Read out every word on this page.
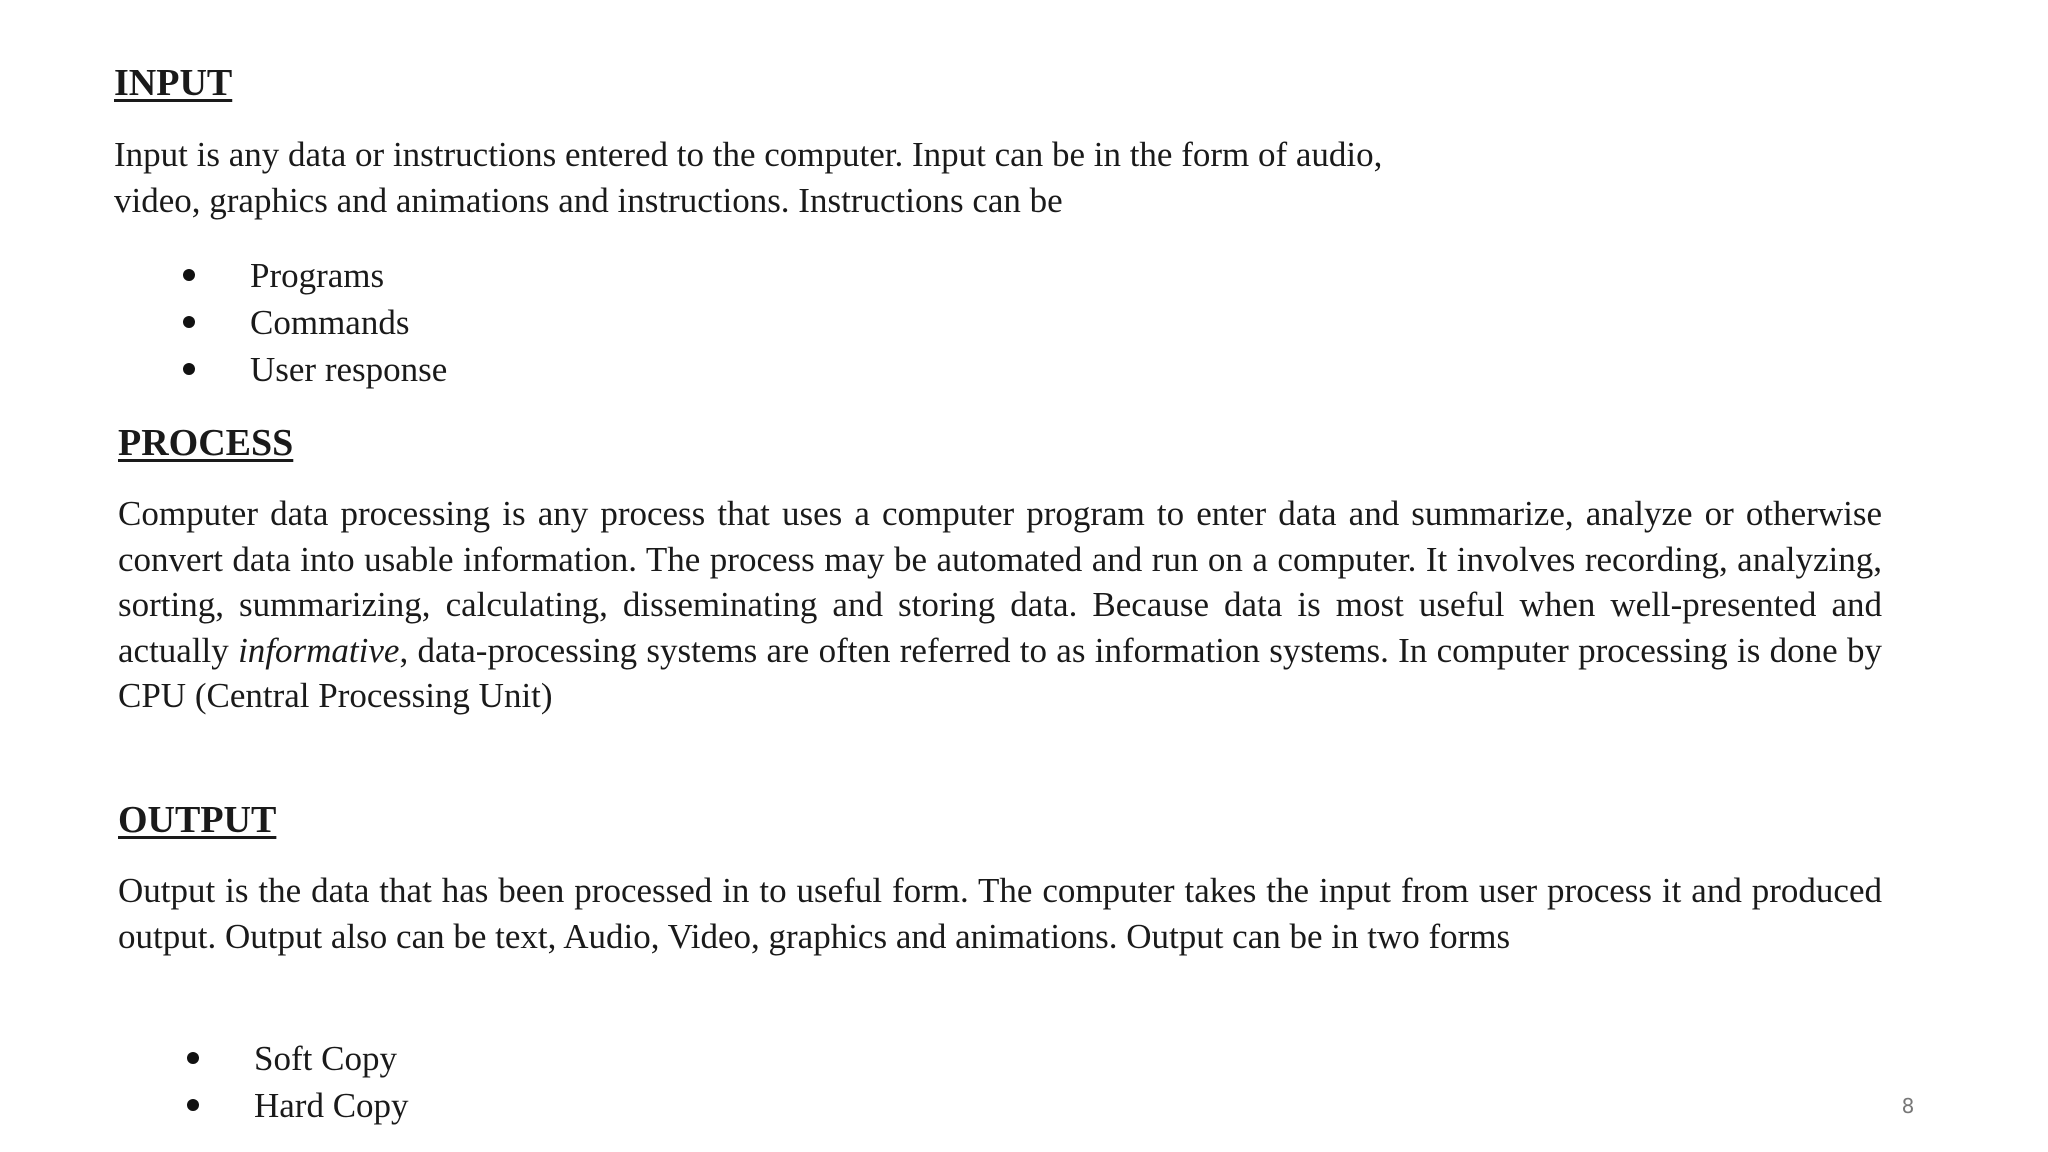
INPUT

Input is any data or instructions entered to the computer. Input can be in the form of audio,
video, graphics and animations and instructions. Instructions can be

Programs
Commands
User response
PROCESS

Computer data processing is any process that uses a computer program to enter data and summarize, analyze or otherwise convert data into usable information. The process may be automated and run on a computer. It involves recording, analyzing, sorting, summarizing, calculating, disseminating and storing data. Because data is most useful when well-presented and actually informative, data-processing systems are often referred to as information systems. In computer processing is done by CPU (Central Processing Unit)

OUTPUT

Output is the data that has been processed in to useful form. The computer takes the input from user process it and produced output. Output also can be text, Audio, Video, graphics and animations. Output can be in two forms

Soft Copy
Hard Copy	8
